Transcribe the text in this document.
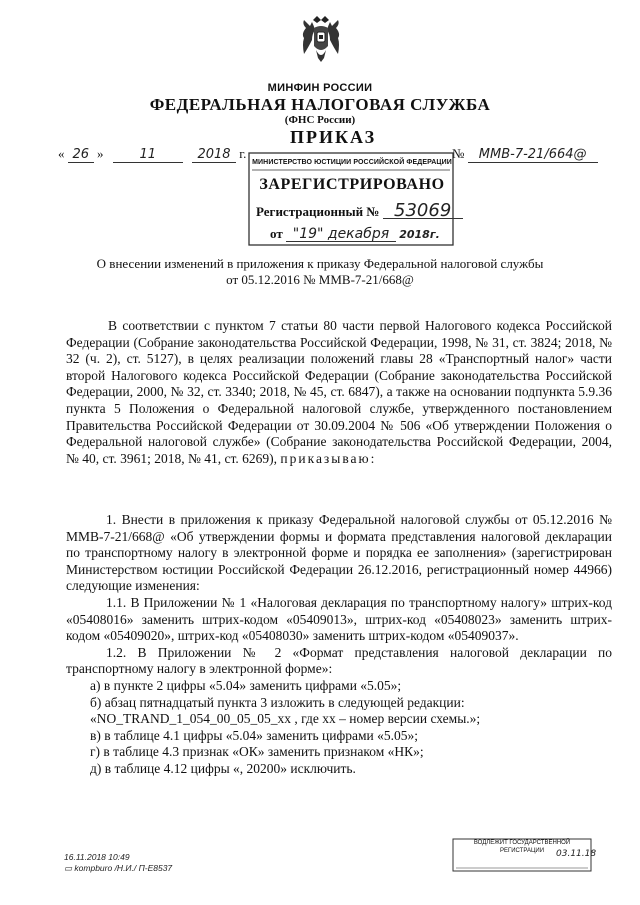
МИНФИН РОССИИ
ФЕДЕРАЛЬНАЯ НАЛОГОВАЯ СЛУЖБА
(ФНС России)
ПРИКАЗ
« 26 »	11	2018 г.	№ ММВ-7-21/664@
МИНИСТЕРСТВО ЮСТИЦИИ РОССИЙСКОЙ ФЕДЕРАЦИИ
ЗАРЕГИСТРИРОВАНО
Регистрационный № 53069
от "19" декабря 2018г.
О внесении изменений в приложения к приказу Федеральной налоговой службы
от 05.12.2016 № ММВ-7-21/668@

В соответствии с пунктом 7 статьи 80 части первой Налогового кодекса Российской Федерации (Собрание законодательства Российской Федерации, 1998, № 31, ст. 3824; 2018, № 32 (ч. 2), ст. 5127), в целях реализации положений главы 28 «Транспортный налог» части второй Налогового кодекса Российской Федерации (Собрание законодательства Российской Федерации, 2000, № 32, ст. 3340; 2018, № 45, ст. 6847), а также на основании подпункта 5.9.36 пункта 5 Положения о Федеральной налоговой службе, утвержденного постановлением Правительства Российской Федерации от 30.09.2004 № 506 «Об утверждении Положения о Федеральной налоговой службе» (Собрание законодательства Российской Федерации, 2004, № 40, ст. 3961; 2018, № 41, ст. 6269), приказываю:

1. Внести в приложения к приказу Федеральной налоговой службы от 05.12.2016 № ММВ-7-21/668@ «Об утверждении формы и формата представления налоговой декларации по транспортному налогу в электронной форме и порядка ее заполнения» (зарегистрирован Министерством юстиции Российской Федерации 26.12.2016, регистрационный номер 44966) следующие изменения:

1.1. В Приложении № 1 «Налоговая декларация по транспортному налогу» штрих-код «05408016» заменить штрих-кодом «05409013», штрих-код «05408023» заменить штрих-кодом «05409020», штрих-код «05408030» заменить штрих-кодом «05409037».

1.2. В Приложении № 2 «Формат представления налоговой декларации по транспортному налогу в электронной форме»:

а) в пункте 2 цифры «5.04» заменить цифрами «5.05»;

б) абзац пятнадцатый пункта 3 изложить в следующей редакции:

«NO_TRAND_1_054_00_05_05_xx , где хх – номер версии схемы.»;

в) в таблице 4.1 цифры «5.04» заменить цифрами «5.05»;

г) в таблице 4.3 признак «ОК» заменить признаком «НК»;

д) в таблице 4.12 цифры «, 20200» исключить.

16.11.2018 10:49
▭ kompburo /Н.И./ П-Е8537
ВОДЛЕЖИТ ГОСУДАРСТВЕННОЙ
РЕГИСТРАЦИИ	03.11.18
